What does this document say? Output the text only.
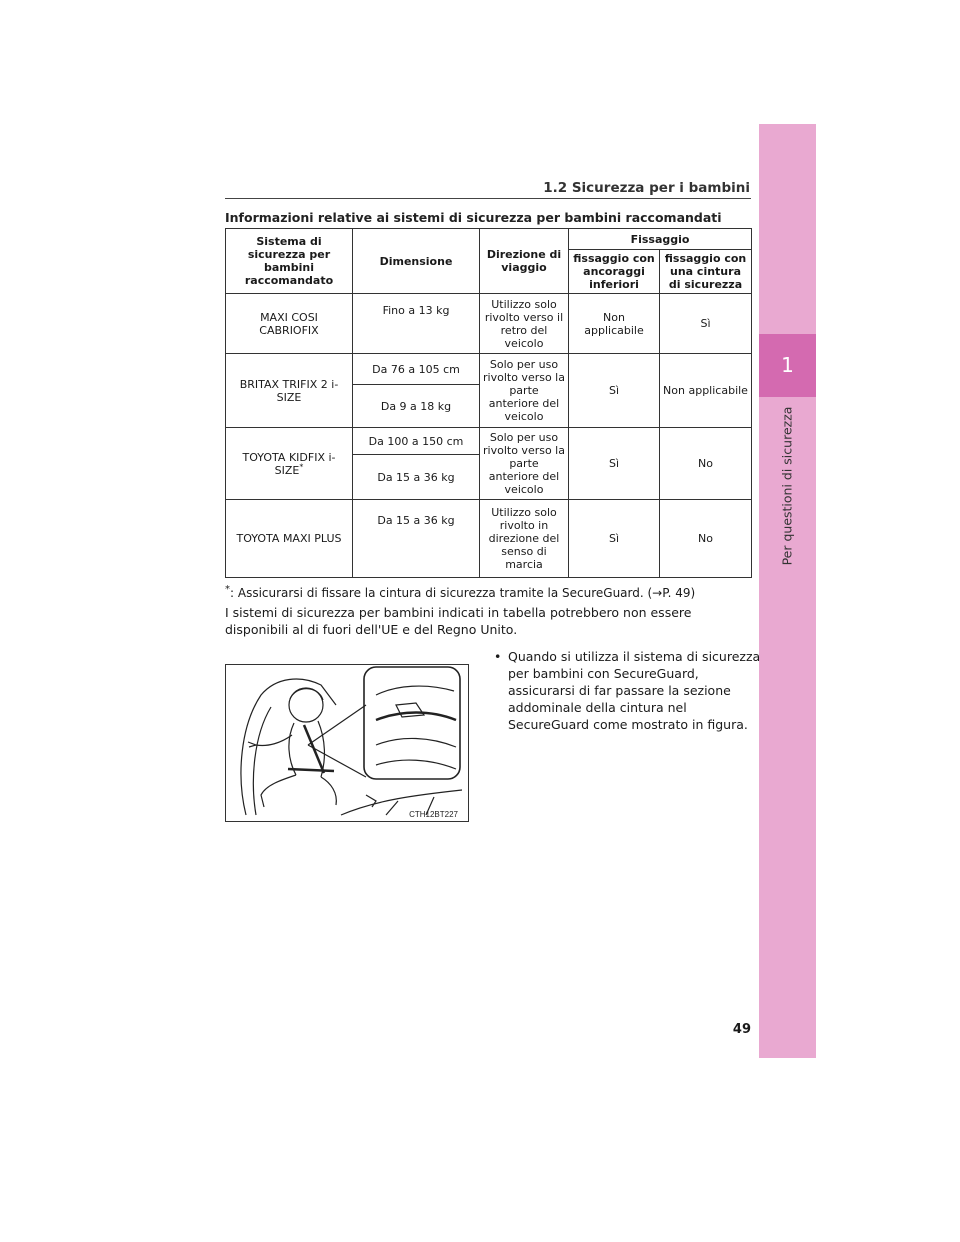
1
Per questioni di sicurezza
1.2 Sicurezza per i bambini
Informazioni relative ai sistemi di sicurezza per bambini raccomandati
Sistema di sicurezza per bambini raccomandato	Dimensione	Direzione di viaggio	Fissaggio	
			fissaggio con ancoraggi inferiori	fissaggio con una cintura di sicurezza
MAXI COSI CABRIOFIX	Fino a 13 kg	Utilizzo solo rivolto verso il retro del veicolo	Non applicabile	Sì
BRITAX TRIFIX 2 i-SIZE	Da 76 a 105 cm	Solo per uso rivolto verso la parte anteriore del veicolo	Sì	Non applicabile
	Da 9 a 18 kg			
TOYOTA KIDFIX i-SIZE*	Da 100 a 150 cm	Solo per uso rivolto verso la parte anteriore del veicolo	Sì	No
	Da 15 a 36 kg			
TOYOTA MAXI PLUS	Da 15 a 36 kg	Utilizzo solo rivolto in direzione del senso di marcia	Sì	No
*: Assicurarsi di fissare la cintura di sicurezza tramite la SecureGuard. (→P. 49)
I sistemi di sicurezza per bambini indicati in tabella potrebbero non essere disponibili al di fuori dell'UE e del Regno Unito.
• Quando si utilizza il sistema di sicurezza per bambini con SecureGuard, assicurarsi di far passare la sezione addominale della cintura nel SecureGuard come mostrato in figura.
CTH12BT227
49
